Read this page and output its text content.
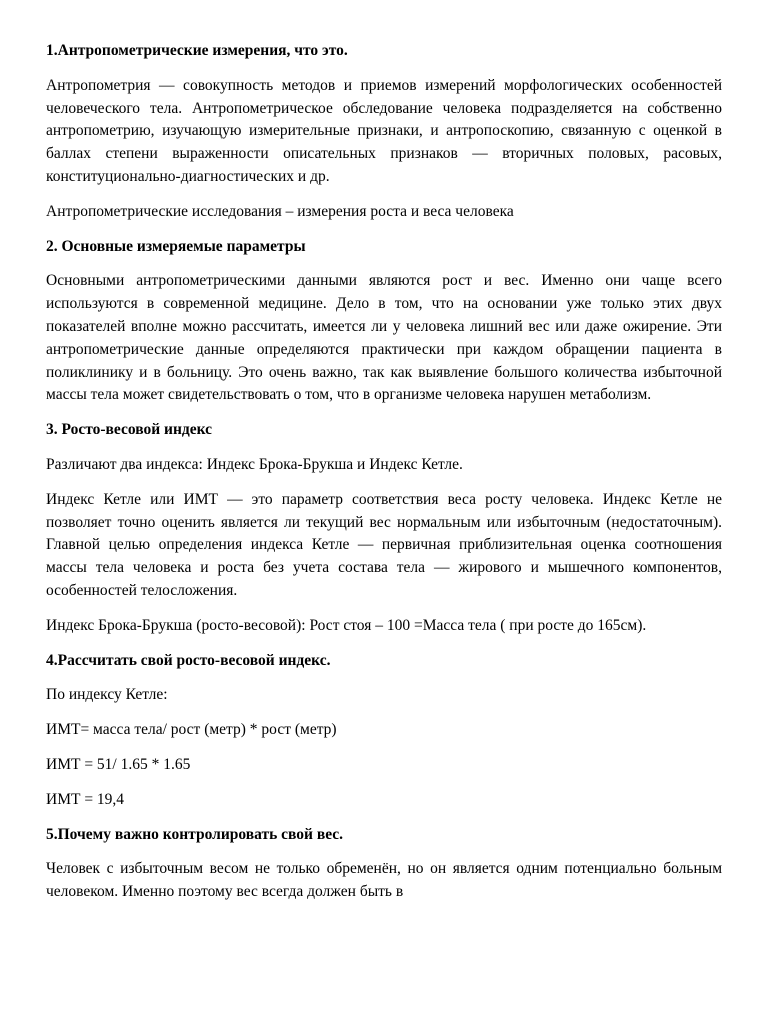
1.Антропометрические измерения, что это.

Антропометрия — совокупность методов и приемов измерений морфологических особенностей человеческого тела. Антропометрическое обследование человека подразделяется на собственно антропометрию, изучающую измерительные признаки, и антропоскопию, связанную с оценкой в баллах степени выраженности описательных признаков — вторичных половых, расовых, конституционально-диагностических и др.

Антропометрические исследования – измерения роста и веса человека

2. Основные измеряемые параметры

Основными антропометрическими данными являются рост и вес. Именно они чаще всего используются в современной медицине. Дело в том, что на основании уже только этих двух показателей вполне можно рассчитать, имеется ли у человека лишний вес или даже ожирение. Эти антропометрические данные определяются практически при каждом обращении пациента в поликлинику и в больницу. Это очень важно, так как выявление большого количества избыточной массы тела может свидетельствовать о том, что в организме человека нарушен метаболизм.

3. Росто-весовой индекс

Различают два индекса: Индекс Брока-Брукша и Индекс Кетле.

Индекс Кетле или ИМТ — это параметр соответствия веса росту человека. Индекс Кетле не позволяет точно оценить является ли текущий вес нормальным или избыточным (недостаточным). Главной целью определения индекса Кетле — первичная приблизительная оценка соотношения массы тела человека и роста без учета состава тела — жирового и мышечного компонентов, особенностей телосложения.

Индекс Брока-Брукша (росто-весовой): Рост стоя – 100 =Масса тела ( при росте до 165см).

4.Рассчитать свой росто-весовой индекс.

По индексу Кетле:

ИМТ= масса тела/ рост (метр) * рост (метр)

ИМТ = 51/ 1.65 * 1.65

ИМТ = 19,4

5.Почему важно контролировать свой вес.

Человек с избыточным весом не только обременён, но он является одним потенциально больным человеком. Именно поэтому вес всегда должен быть в
